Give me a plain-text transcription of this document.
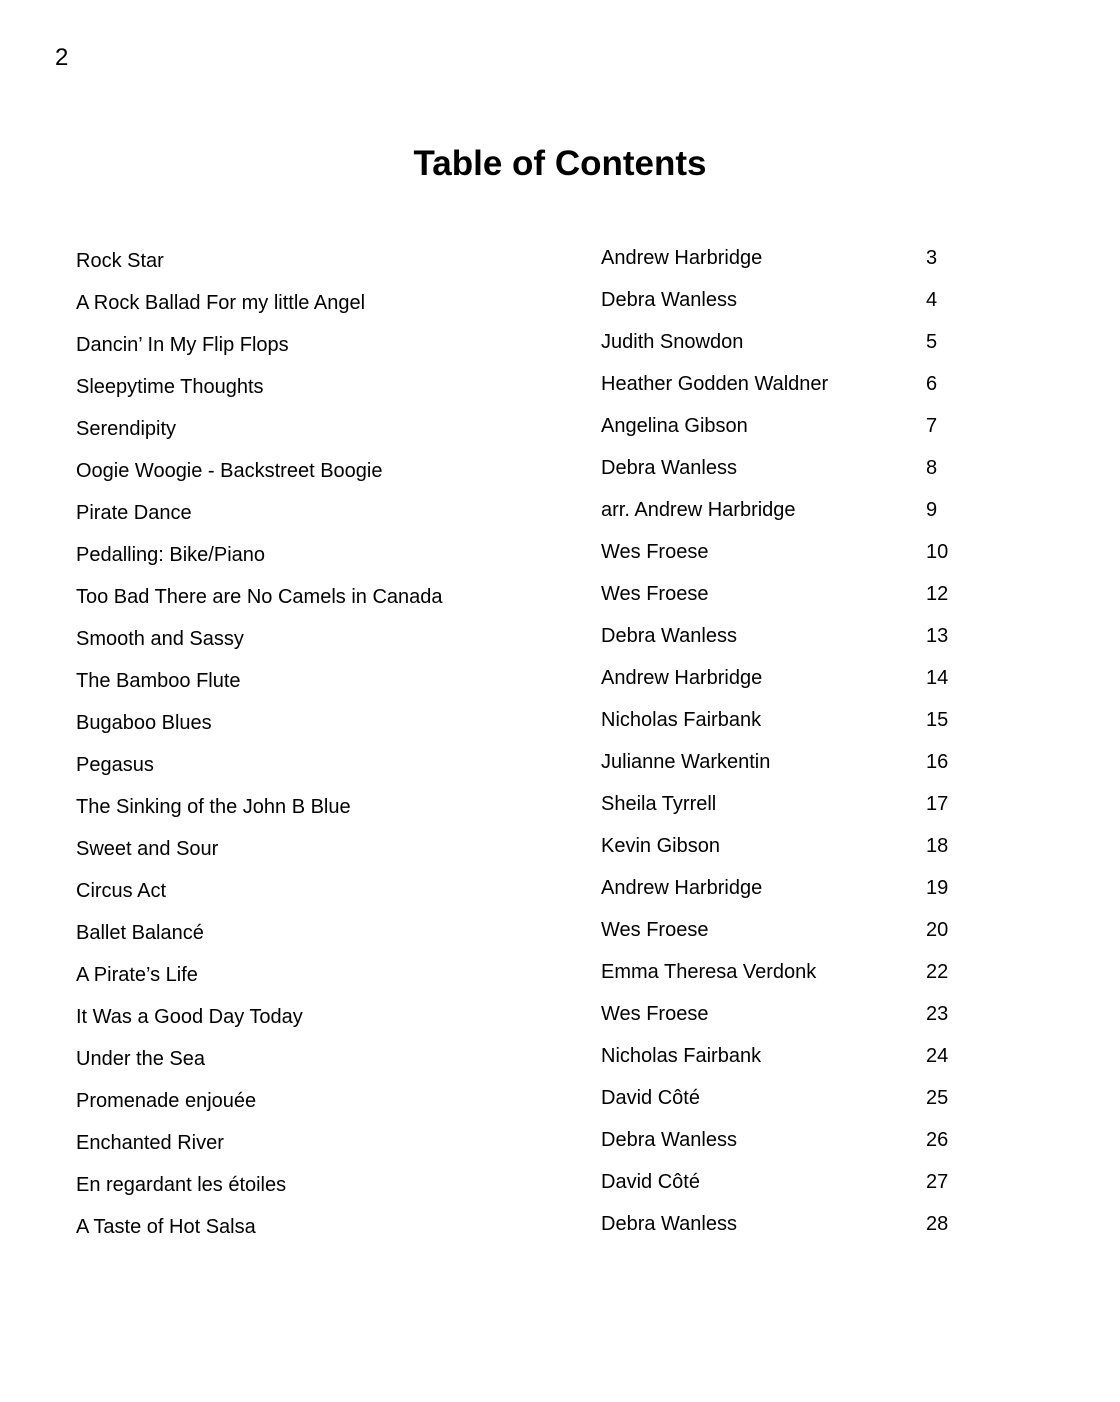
2
Table of Contents
Rock Star	Andrew Harbridge	3
A Rock Ballad For my little Angel	Debra Wanless	4
Dancin’ In My Flip Flops	Judith Snowdon	5
Sleepytime Thoughts	Heather Godden Waldner	6
Serendipity	Angelina Gibson	7
Oogie Woogie - Backstreet Boogie	Debra Wanless	8
Pirate Dance	arr. Andrew Harbridge	9
Pedalling: Bike/Piano	Wes Froese	10
Too Bad There are No Camels in Canada	Wes Froese	12
Smooth and Sassy	Debra Wanless	13
The Bamboo Flute	Andrew Harbridge	14
Bugaboo Blues	Nicholas Fairbank	15
Pegasus	Julianne Warkentin	16
The Sinking of the John B Blue	Sheila Tyrrell	17
Sweet and Sour	Kevin Gibson	18
Circus Act	Andrew Harbridge	19
Ballet Balancé	Wes Froese	20
A Pirate’s Life	Emma Theresa Verdonk	22
It Was a Good Day Today	Wes Froese	23
Under the Sea	Nicholas Fairbank	24
Promenade enjouée	David Côté	25
Enchanted River	Debra Wanless	26
En regardant les étoiles	David Côté	27
A Taste of Hot Salsa	Debra Wanless	28
